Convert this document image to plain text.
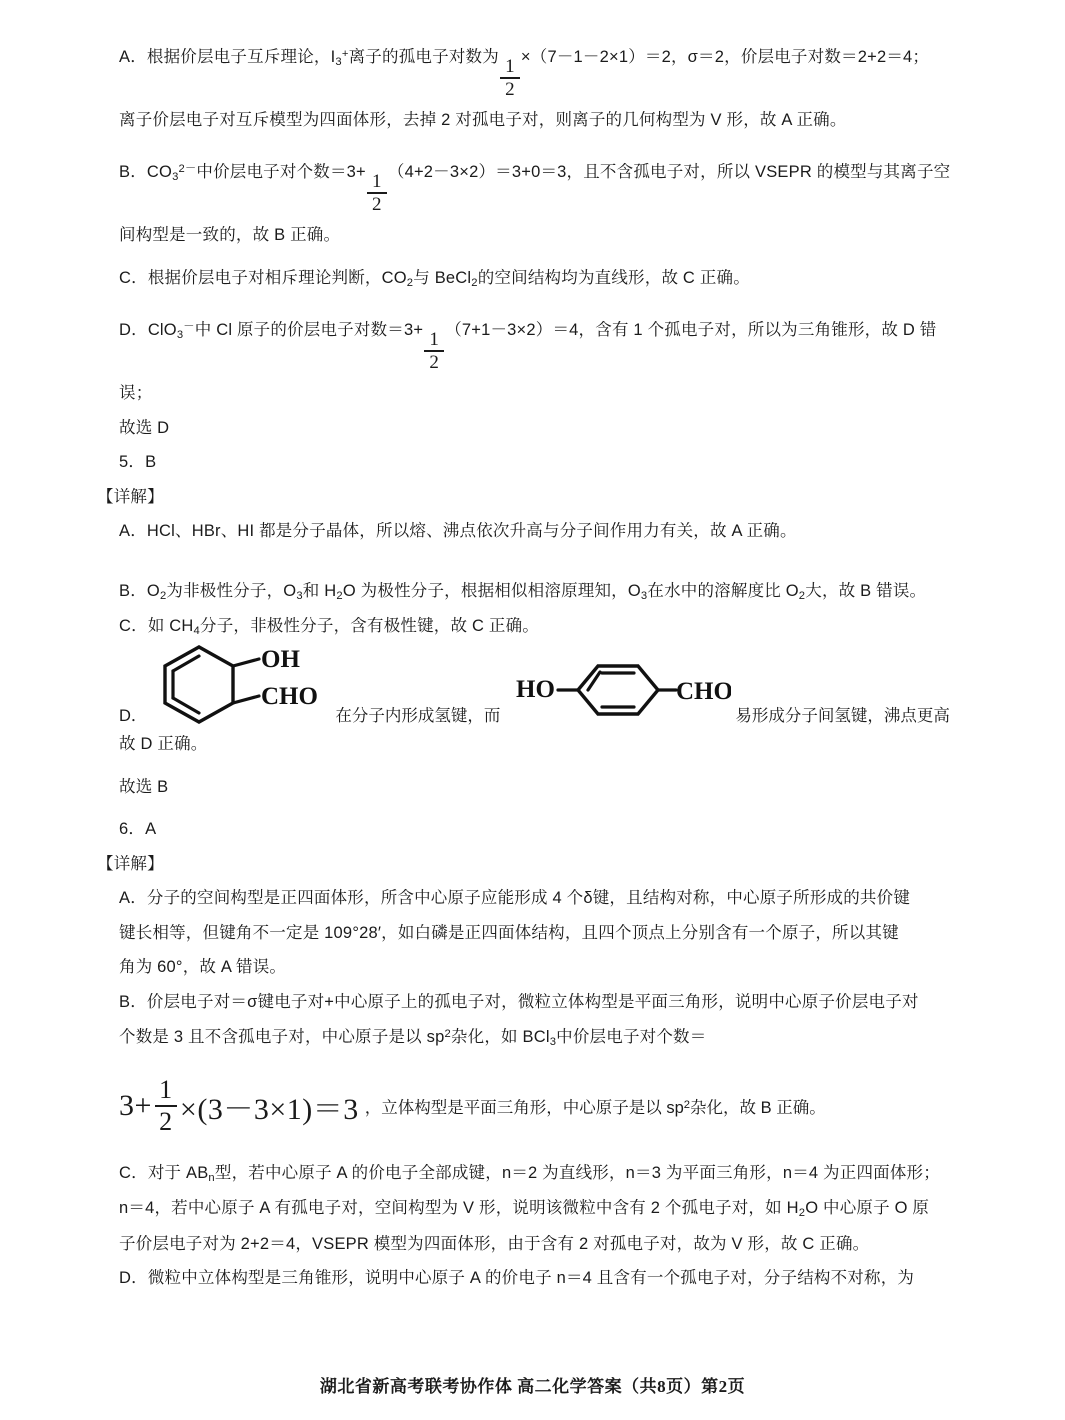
A．根据价层电子互斥理论，$I_3^+$离子的孤电子对数为
$\frac{1}{2}$
×（7－1－2×1）＝2，σ＝2，价层电子对数＝2+2＝4；
离子价层电子对互斥模型为四面体形，去掉 2 对孤电子对，则离子的几何构型为 V 形，故 A 正确。
B．$CO_3^{2-}$中价层电子对个数＝3+
$\frac{1}{2}$
（4+2－3×2）＝3+0＝3，且不含孤电子对，所以 VSEPR 的模型与其离子空
间构型是一致的，故 B 正确。
C．根据价层电子对相斥理论判断，$CO_2$与 BeCl$_2$的空间结构均为直线形，故 C 正确。
D．ClO$_3$－中 Cl 原子的价层电子对数＝3+
$\frac{1}{2}$
（7+1－3×2）＝4，含有 1 个孤电子对，所以为三角锥形，故 D 错
误；
故选 D
5．B
【详解】
A．HCl、HBr、HI 都是分子晶体，所以熔、沸点依次升高与分子间作用力有关，故 A 正确。
B．$O_2$为非极性分子，$O_3$和 $H_2O$ 为极性分子，根据相似相溶原理知，$O_3$在水中的溶解度比 $O_2$大，故 B 错误。
C．如 $CH_4$分子，非极性分子，含有极性键，故 C 正确。
D．
OH
CHO
在分子内形成氢键，而
HO	CHO
易形成分子间氢键，沸点更高
故 D 正确。
故选 B
6．A
【详解】
A．分子的空间构型是正四面体形，所含中心原子应能形成 4 个δ键，且结构对称，中心原子所形成的共价键
键长相等，但键角不一定是 109°28′，如白磷是正四面体结构，且四个顶点上分别含有一个原子，所以其键
角为 60°，故 A 错误。
B．价层电子对＝σ键电子对+中心原子上的孤电子对，微粒立体构型是平面三角形，说明中心原子价层电子对
个数是 3 且不含孤电子对，中心原子是以 $sp^2$杂化，如 BCl$_3$中价层电子对个数＝
$3 + \frac{1}{2} \times(3-3\times 1)=3$ ，立体构型是平面三角形，中心原子是以 $sp^2$杂化，故 B 正确。
C．对于 $AB_n$型，若中心原子 A 的价电子全部成键，n＝2 为直线形，n＝3 为平面三角形，n＝4 为正四面体形；
n＝4，若中心原子 A 有孤电子对，空间构型为 V 形，说明该微粒中含有 2 个孤电子对，如 $H_2O$ 中心原子 O 原
子价层电子对为 2+2＝4，VSEPR 模型为四面体形，由于含有 2 对孤电子对，故为 V 形，故 C 正确。
D．微粒中立体构型是三角锥形，说明中心原子 A 的价电子 n＝4 且含有一个孤电子对，分子结构不对称，为
湖北省新高考联考协作体 高二化学答案（共8页）第2页
